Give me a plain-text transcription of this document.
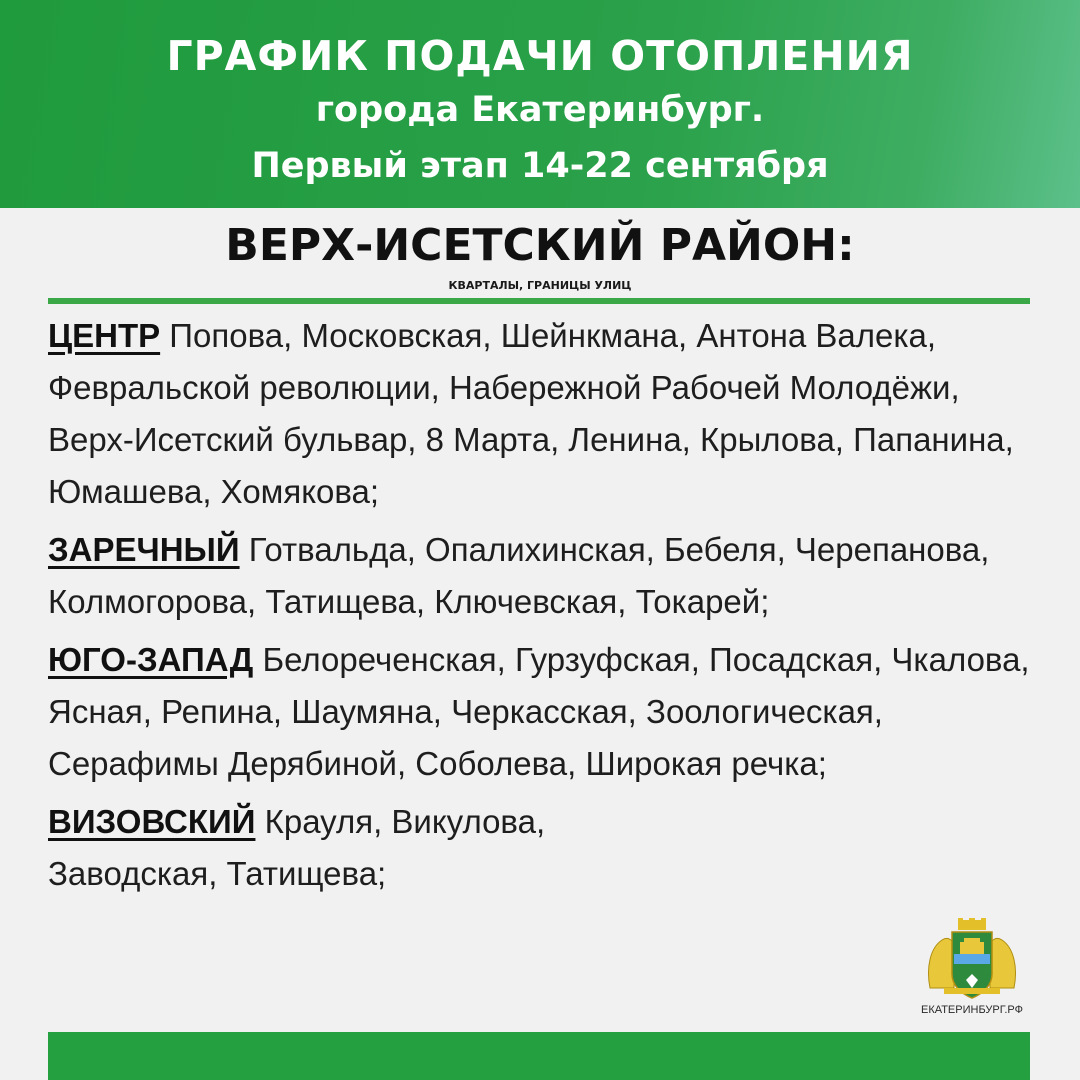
ГРАФИК ПОДАЧИ ОТОПЛЕНИЯ
города Екатеринбург.
Первый этап 14-22 сентября
ВЕРХ-ИСЕТСКИЙ РАЙОН:
КВАРТАЛЫ, ГРАНИЦЫ УЛИЦ
ЦЕНТР Попова, Московская, Шейнкмана, Антона Валека, Февральской революции, Набережной Рабочей Молодёжи, Верх-Исетский бульвар, 8 Марта, Ленина, Крылова, Папанина, Юмашева, Хомякова;
ЗАРЕЧНЫЙ Готвальда, Опалихинская, Бебеля, Черепанова, Колмогорова, Татищева, Ключевская, Токарей;
ЮГО-ЗАПАД Белореченская, Гурзуфская, Посадская, Чкалова, Ясная, Репина, Шаумяна, Черкасская, Зоологическая, Серафимы Дерябиной, Соболева, Широкая речка;
ВИЗОВСКИЙ Крауля, Викулова, Заводская, Татищева;
ЕКАТЕРИНБУРГ.РФ
